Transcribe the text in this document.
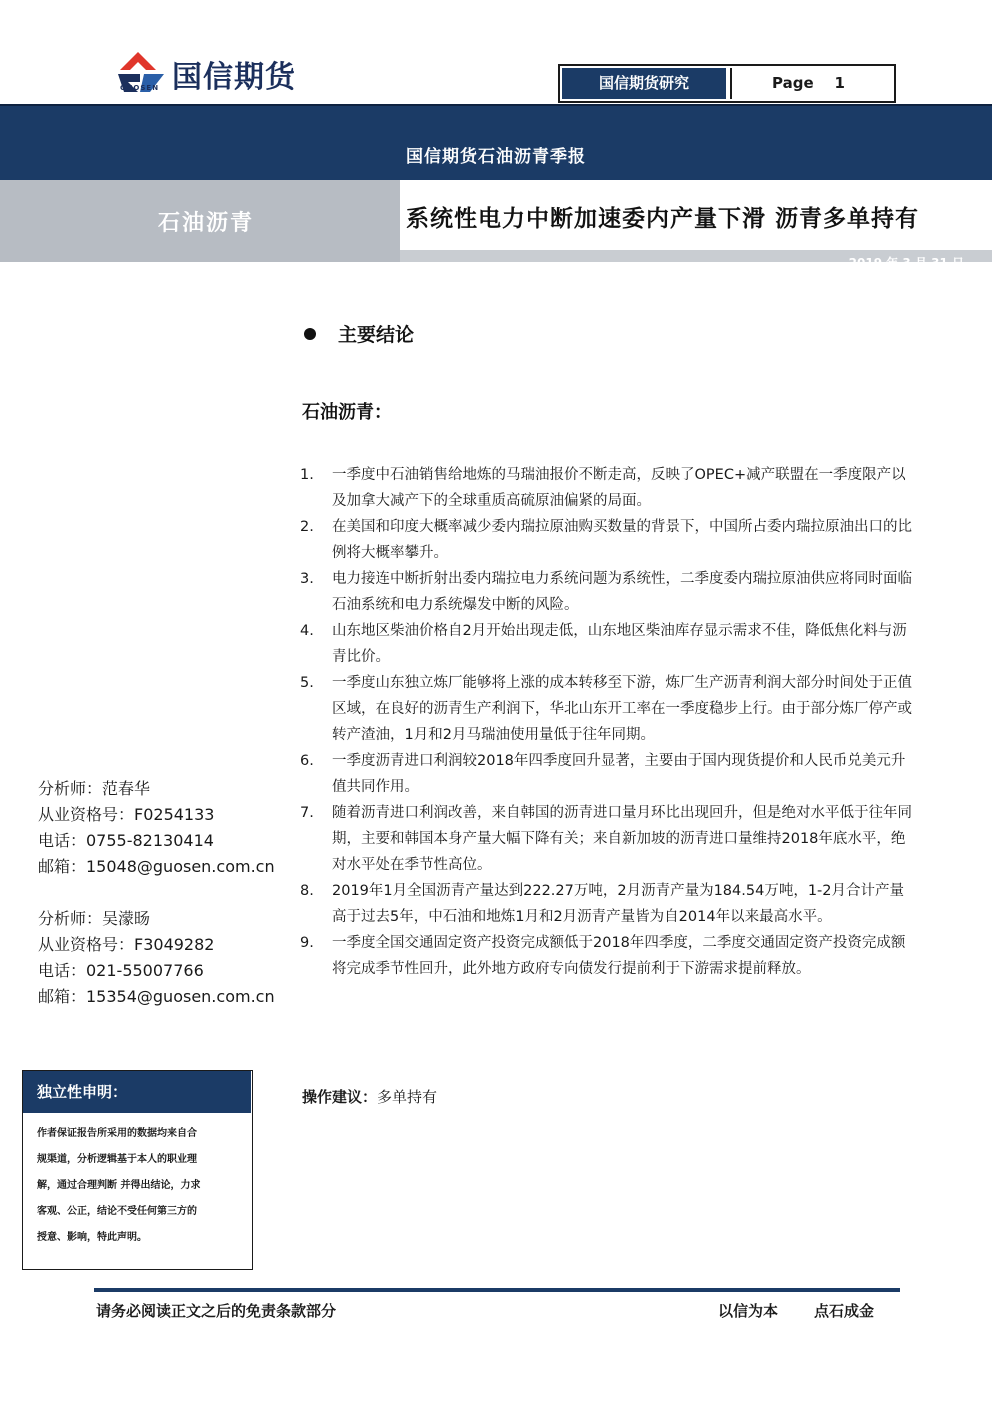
国信期货
GUOSEN	国信期货研究	Page 1
国信期货石油沥青季报
石油沥青	系统性电力中断加速委内产量下滑 沥青多单持有
2019 年 3 月 31 日
主要结论
石油沥青：
1.	一季度中石油销售给地炼的马瑞油报价不断走高，反映了OPEC+减产联盟在一季度限产以及加拿大减产下的全球重质高硫原油偏紧的局面。
2.	在美国和印度大概率减少委内瑞拉原油购买数量的背景下，中国所占委内瑞拉原油出口的比例将大概率攀升。
3.	电力接连中断折射出委内瑞拉电力系统问题为系统性，二季度委内瑞拉原油供应将同时面临石油系统和电力系统爆发中断的风险。
4.	山东地区柴油价格自2月开始出现走低，山东地区柴油库存显示需求不佳，降低焦化料与沥青比价。
5.	一季度山东独立炼厂能够将上涨的成本转移至下游，炼厂生产沥青利润大部分时间处于正值区域，在良好的沥青生产利润下，华北山东开工率在一季度稳步上行。由于部分炼厂停产或转产渣油，1月和2月马瑞油使用量低于往年同期。
6.	一季度沥青进口利润较2018年四季度回升显著，主要由于国内现货提价和人民币兑美元升值共同作用。
7.	随着沥青进口利润改善，来自韩国的沥青进口量月环比出现回升，但是绝对水平低于往年同期，主要和韩国本身产量大幅下降有关；来自新加坡的沥青进口量维持2018年底水平，绝对水平处在季节性高位。
8.	2019年1月全国沥青产量达到222.27万吨，2月沥青产量为184.54万吨，1-2月合计产量高于过去5年，中石油和地炼1月和2月沥青产量皆为自2014年以来最高水平。
9.	一季度全国交通固定资产投资完成额低于2018年四季度，二季度交通固定资产投资完成额将完成季节性回升，此外地方政府专向债发行提前利于下游需求提前释放。
操作建议：多单持有
分析师：范春华
从业资格号：F0254133
电话：0755-82130414
邮箱：15048@guosen.com.cn
分析师：吴濛旸
从业资格号：F3049282
电话：021-55007766
邮箱：15354@guosen.com.cn
独立性申明：
作者保证报告所采用的数据均来自合
规渠道，分析逻辑基于本人的职业理
解，通过合理判断 并得出结论，力求
客观、公正，结论不受任何第三方的
授意、影响，特此声明。
请务必阅读正文之后的免责条款部分	以信为本 点石成金
